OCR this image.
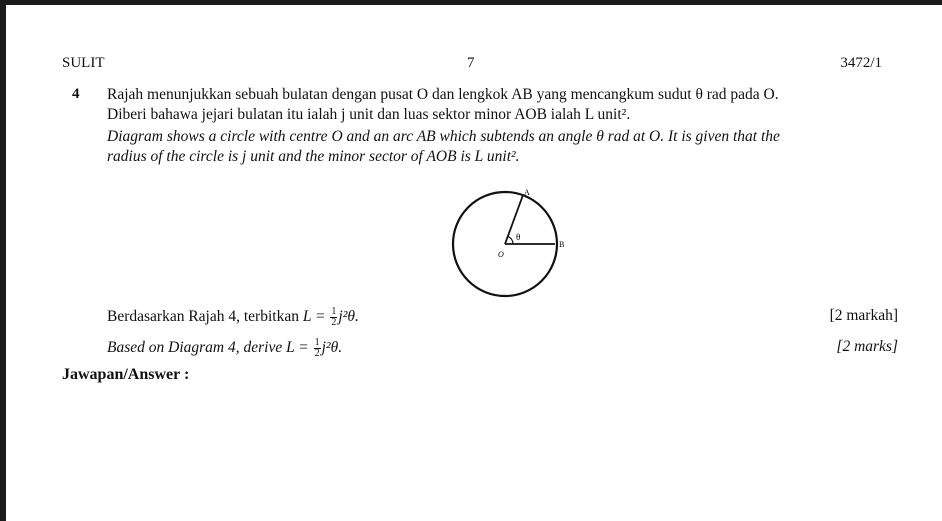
SULIT	7	3472/1
4 Rajah menunjukkan sebuah bulatan dengan pusat O dan lengkok AB yang mencangkum sudut θ rad pada O.
Diberi bahawa jejari bulatan itu ialah j unit dan luas sektor minor AOB ialah L unit².
Diagram shows a circle with centre O and an arc AB which subtends an angle θ rad at O. It is given that the
radius of the circle is j unit and the minor sector of AOB is L unit².
A
B
O
θ
Berdasarkan Rajah 4, terbitkan $L = \frac{1}{2} j^2\theta$.	[2 markah]
Based on Diagram 4, derive $L = \frac{1}{2} j^2\theta$.	[2 marks]
Jawapan/Answer :
